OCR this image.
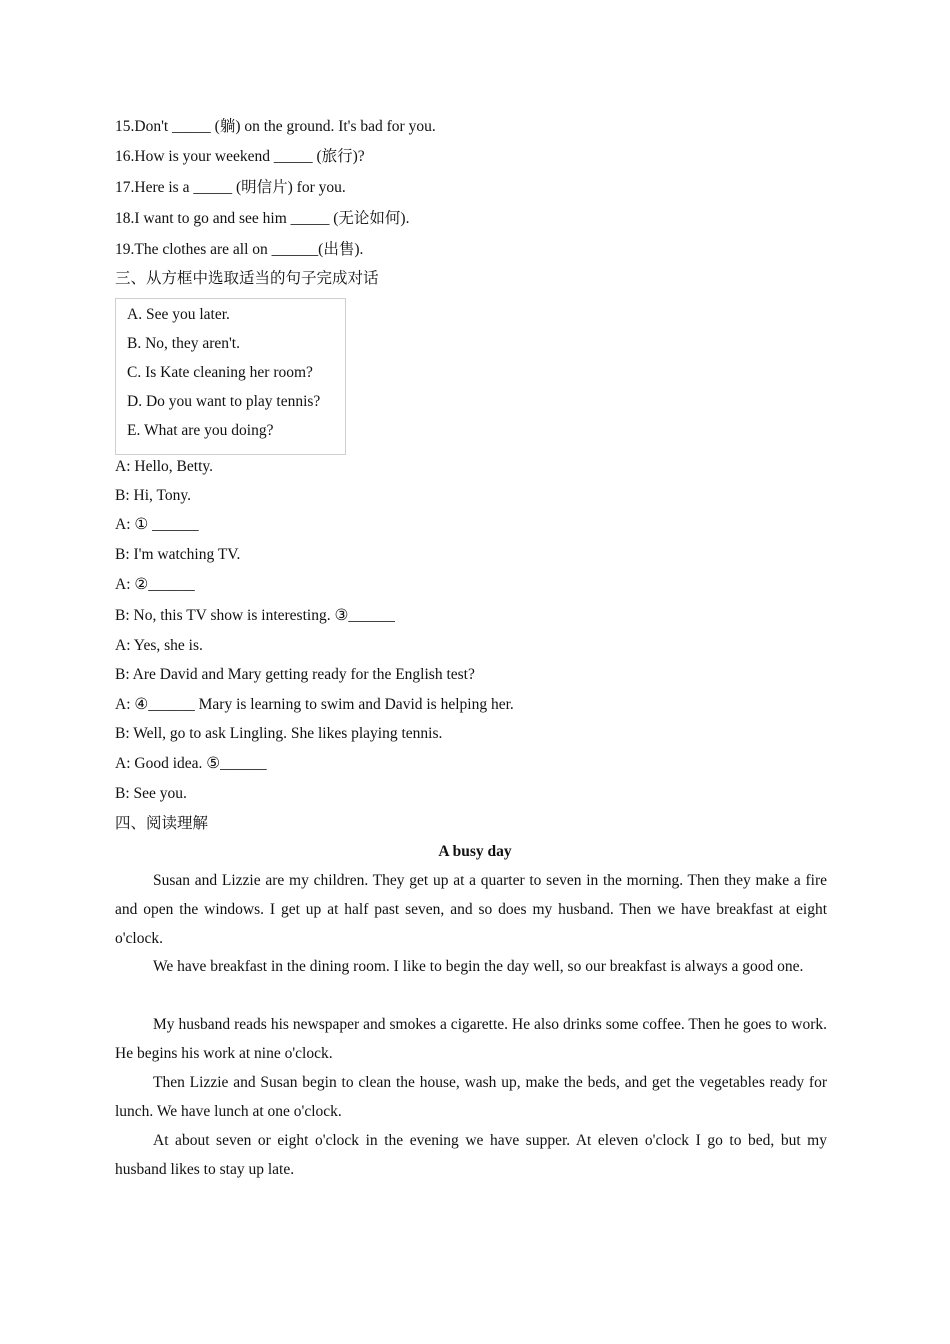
15.Don't _____ (躺) on the ground. It's bad for you.
16.How is your weekend _____ (旅行)?
17.Here is a _____ (明信片) for you.
18.I want to go and see him _____ (无论如何).
19.The clothes are all on ______(出售).
三、从方框中选取适当的句子完成对话
A. See you later.
B. No, they aren't.
C. Is Kate cleaning her room?
D. Do you want to play tennis?
E. What are you doing?
A: Hello, Betty.
B: Hi, Tony.
A: ① ______
B: I'm watching TV.
A: ②______
B: No, this TV show is interesting. ③______
A: Yes, she is.
B: Are David and Mary getting ready for the English test?
A: ④______ Mary is learning to swim and David is helping her.
B: Well, go to ask Lingling. She likes playing tennis.
A: Good idea. ⑤______
B: See you.
四、阅读理解
A busy day
Susan and Lizzie are my children. They get up at a quarter to seven in the morning. Then they make a fire and open the windows. I get up at half past seven, and so does my husband. Then we have breakfast at eight o'clock.
We have breakfast in the dining room. I like to begin the day well, so our breakfast is always a good one.
My husband reads his newspaper and smokes a cigarette. He also drinks some coffee. Then he goes to work. He begins his work at nine o'clock.
Then Lizzie and Susan begin to clean the house, wash up, make the beds, and get the vegetables ready for lunch. We have lunch at one o'clock.
At about seven or eight o'clock in the evening we have supper. At eleven o'clock I go to bed, but my husband likes to stay up late.
